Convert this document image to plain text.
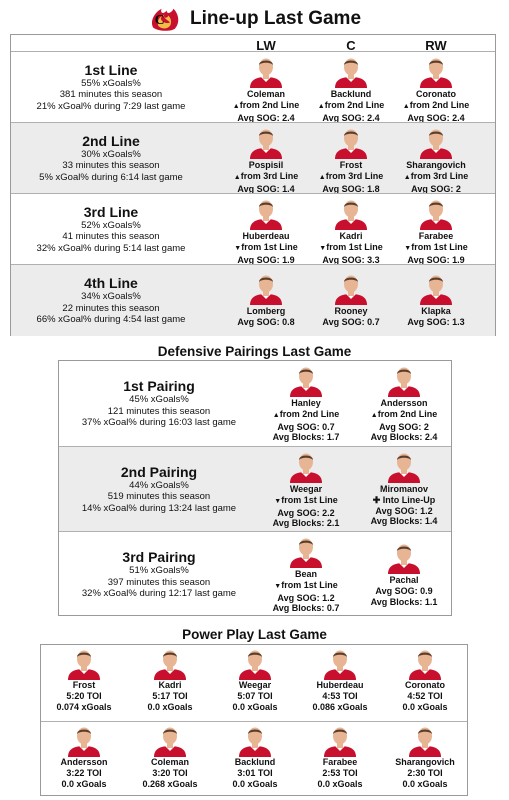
C Line-up Last Game
LW	C	RW
1st Line
55% xGoals%
381 minutes this season
21% xGoal% during 7:29 last game
Coleman
▲from 2nd Line
Avg SOG: 2.4
Backlund
▲from 2nd Line
Avg SOG: 2.4
Coronato
▲from 2nd Line
Avg SOG: 2.4
2nd Line
30% xGoals%
33 minutes this season
5% xGoal% during 6:14 last game
Pospisil
▲from 3rd Line
Avg SOG: 1.4
Frost
▲from 3rd Line
Avg SOG: 1.8
Sharangovich
▲from 3rd Line
Avg SOG: 2
3rd Line
52% xGoals%
41 minutes this season
32% xGoal% during 5:14 last game
Huberdeau
▼from 1st Line
Avg SOG: 1.9
Kadri
▼from 1st Line
Avg SOG: 3.3
Farabee
▼from 1st Line
Avg SOG: 1.9
4th Line
34% xGoals%
22 minutes this season
66% xGoal% during 4:54 last game
Lomberg
Avg SOG: 0.8
Rooney
Avg SOG: 0.7
Klapka
Avg SOG: 1.3
Defensive Pairings Last Game
1st Pairing
45% xGoals%
121 minutes this season
37% xGoal% during 16:03 last game
Hanley
▲from 2nd Line
Avg SOG: 0.7
Avg Blocks: 1.7
Andersson
▲from 2nd Line
Avg SOG: 2
Avg Blocks: 2.4
2nd Pairing
44% xGoals%
519 minutes this season
14% xGoal% during 13:24 last game
Weegar
▼from 1st Line
Avg SOG: 2.2
Avg Blocks: 2.1
Miromanov
✚ Into Line-Up
Avg SOG: 1.2
Avg Blocks: 1.4
3rd Pairing
51% xGoals%
397 minutes this season
32% xGoal% during 12:17 last game
Bean
▼from 1st Line
Avg SOG: 1.2
Avg Blocks: 0.7
Pachal
Avg SOG: 0.9
Avg Blocks: 1.1
Power Play Last Game
Frost
5:20 TOI
0.074 xGoals
Kadri
5:17 TOI
0.0 xGoals
Weegar
5:07 TOI
0.0 xGoals
Huberdeau
4:53 TOI
0.086 xGoals
Coronato
4:52 TOI
0.0 xGoals
Andersson
3:22 TOI
0.0 xGoals
Coleman
3:20 TOI
0.268 xGoals
Backlund
3:01 TOI
0.0 xGoals
Farabee
2:53 TOI
0.0 xGoals
Sharangovich
2:30 TOI
0.0 xGoals
